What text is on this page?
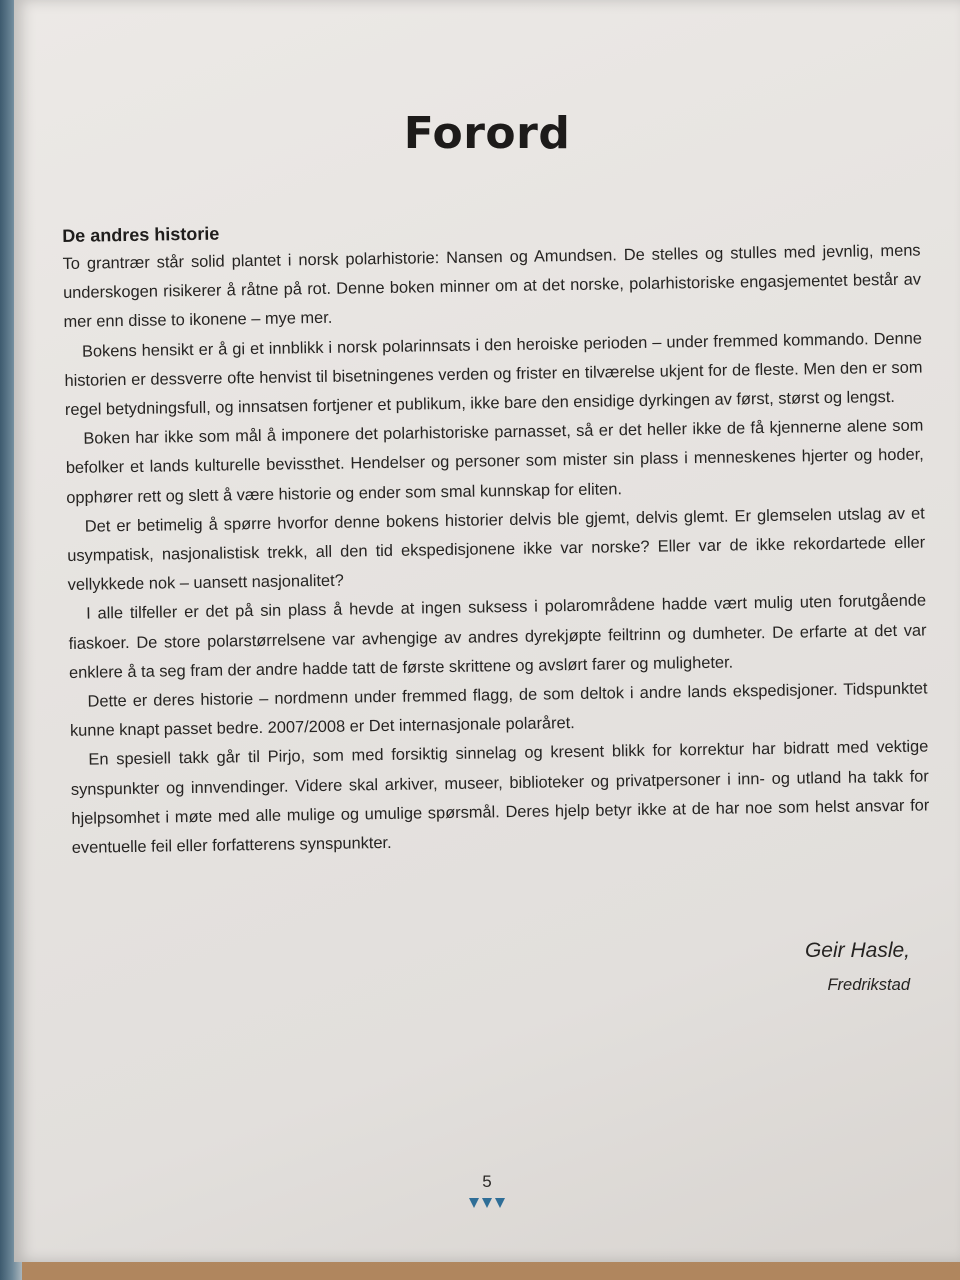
Forord

De andres historie

To grantrær står solid plantet i norsk polarhistorie: Nansen og Amundsen. De stelles og stulles med jevnlig, mens underskogen risikerer å råtne på rot. Denne boken minner om at det norske, polarhistoriske engasjementet består av mer enn disse to ikonene – mye mer.

Bokens hensikt er å gi et innblikk i norsk polarinnsats i den heroiske perioden – under fremmed kommando. Denne historien er dessverre ofte henvist til bisetningenes verden og frister en tilværelse ukjent for de fleste. Men den er som regel betydningsfull, og innsatsen fortjener et publikum, ikke bare den ensidige dyrkingen av først, størst og lengst.

Boken har ikke som mål å imponere det polarhistoriske parnasset, så er det heller ikke de få kjennerne alene som befolker et lands kulturelle bevissthet. Hendelser og personer som mister sin plass i menneskenes hjerter og hoder, opphører rett og slett å være historie og ender som smal kunnskap for eliten.

Det er betimelig å spørre hvorfor denne bokens historier delvis ble gjemt, delvis glemt. Er glemselen utslag av et usympatisk, nasjonalistisk trekk, all den tid ekspedisjonene ikke var norske? Eller var de ikke rekordartede eller vellykkede nok – uansett nasjonalitet?

I alle tilfeller er det på sin plass å hevde at ingen suksess i polarområdene hadde vært mulig uten forutgående fiaskoer. De store polarstørrelsene var avhengige av andres dyrekjøpte feiltrinn og dumheter. De erfarte at det var enklere å ta seg fram der andre hadde tatt de første skrittene og avslørt farer og muligheter.

Dette er deres historie – nordmenn under fremmed flagg, de som deltok i andre lands ekspedisjoner. Tidspunktet kunne knapt passet bedre. 2007/2008 er Det internasjonale polaråret.

En spesiell takk går til Pirjo, som med forsiktig sinnelag og kresent blikk for korrektur har bidratt med vektige synspunkter og innvendinger. Videre skal arkiver, museer, biblioteker og privatpersoner i inn- og utland ha takk for hjelpsomhet i møte med alle mulige og umulige spørsmål. Deres hjelp betyr ikke at de har noe som helst ansvar for eventuelle feil eller forfatterens synspunkter.

Geir Hasle,
Fredrikstad
5
